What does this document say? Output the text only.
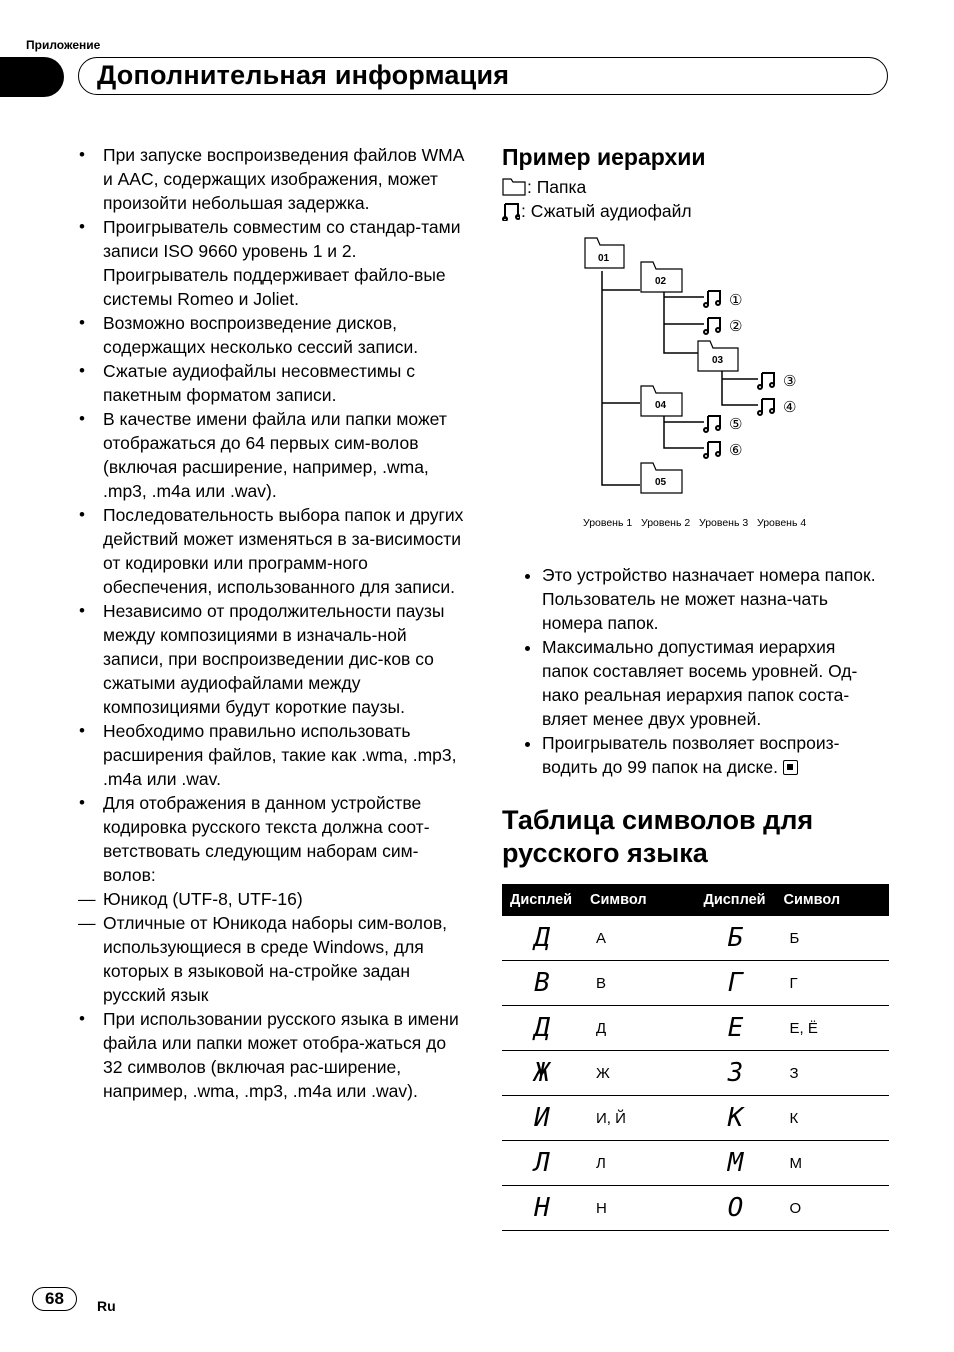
Приложение
Дополнительная информация
• При запуске воспроизведения файлов WMA и AAC, содержащих изображения, может произойти небольшая задержка.
• Проигрыватель совместим со стандар-тами записи ISO 9660 уровень 1 и 2. Проигрыватель поддерживает файло-вые системы Romeo и Joliet.
• Возможно воспроизведение дисков, содержащих несколько сессий записи.
• Сжатые аудиофайлы несовместимы с пакетным форматом записи.
• В качестве имени файла или папки может отображаться до 64 первых сим-волов (включая расширение, например, .wma, .mp3, .m4a или .wav).
• Последовательность выбора папок и других действий может изменяться в за-висимости от кодировки или программ-ного обеспечения, использованного для записи.
• Независимо от продолжительности паузы между композициями в изначаль-ной записи, при воспроизведении дис-ков со сжатыми аудиофайлами между композициями будут короткие паузы.
• Необходимо правильно использовать расширения файлов, такие как .wma, .mp3, .m4a или .wav.
• Для отображения в данном устройстве кодировка русского текста должна соот-ветствовать следующим наборам сим-волов:
— Юникод (UTF-8, UTF-16)
— Отличные от Юникода наборы сим-волов, использующиеся в среде Windows, для которых в языковой на-стройке задан русский язык
• При использовании русского языка в имени файла или папки может отобра-жаться до 32 символов (включая рас-ширение, например, .wma, .mp3, .m4a или .wav).
Пример иерархии
: Папка
: Сжатый аудиофайл
01
02
03
04
05
①
②
③
④
⑤
⑥
Уровень 1 Уровень 2 Уровень 3 Уровень 4
• Это устройство назначает номера папок. Пользователь не может назна-чать номера папок.
• Максимально допустимая иерархия папок составляет восемь уровней. Од-нако реальная иерархия папок соста-вляет менее двух уровней.
• Проигрыватель позволяет воспроиз-водить до 99 папок на диске.
Таблица символов для русского языка
Дисплей	Символ	Дисплей	Символ
Д	А	Б	Б
В	В	Г	Г
Д	Д	Е	Е, Ё
Ж	Ж	З	З
И	И, Й	К	К
Л	Л	М	М
Н	Н	О	О
68	Ru
